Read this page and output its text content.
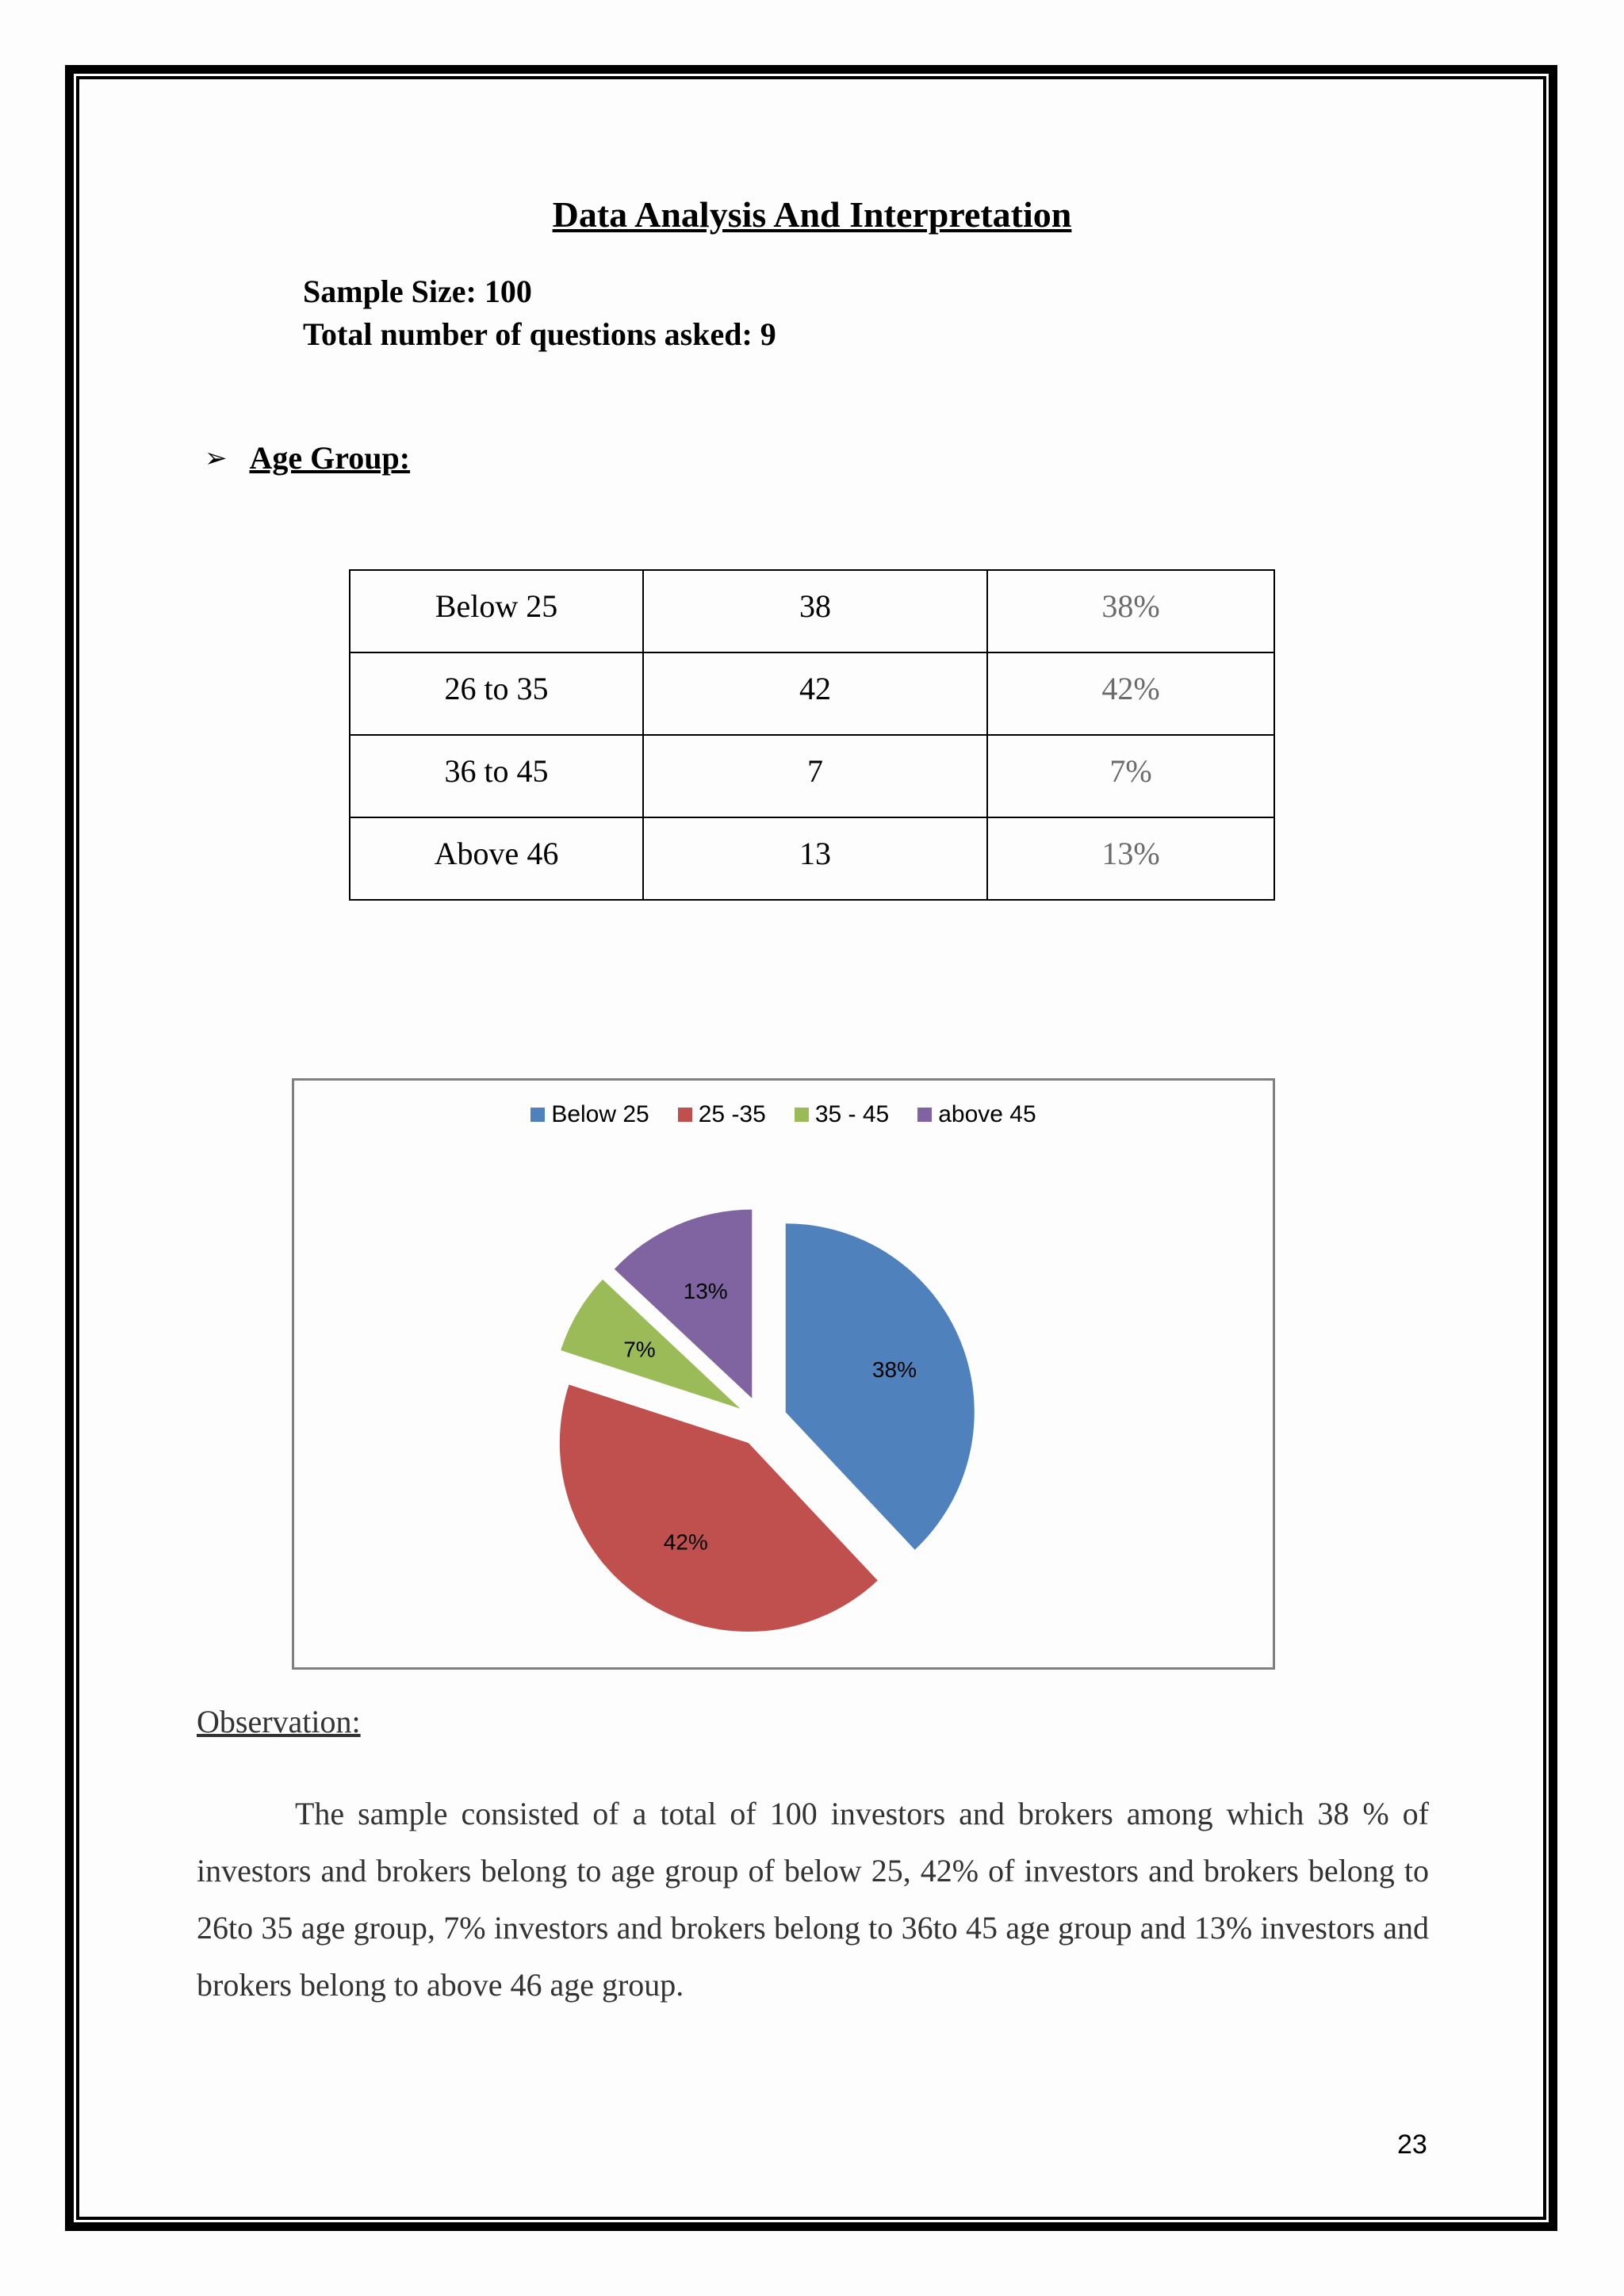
Data Analysis And Interpretation
Sample Size: 100
Total number of questions asked: 9
➢ Age Group:
Below 25	38	38%
26 to 35	42	42%
36 to 45	7	7%
Above 46	13	13%
Below 25 25 -35 35 - 45 above 45
38%
42%
7%
13%
Observation:
The sample consisted of a total of 100 investors and brokers among which 38 % of investors and brokers belong to age group of below 25, 42% of investors and brokers belong to 26to 35 age group, 7% investors and brokers belong to 36to 45 age group and 13% investors and brokers belong to above 46 age group.
23
